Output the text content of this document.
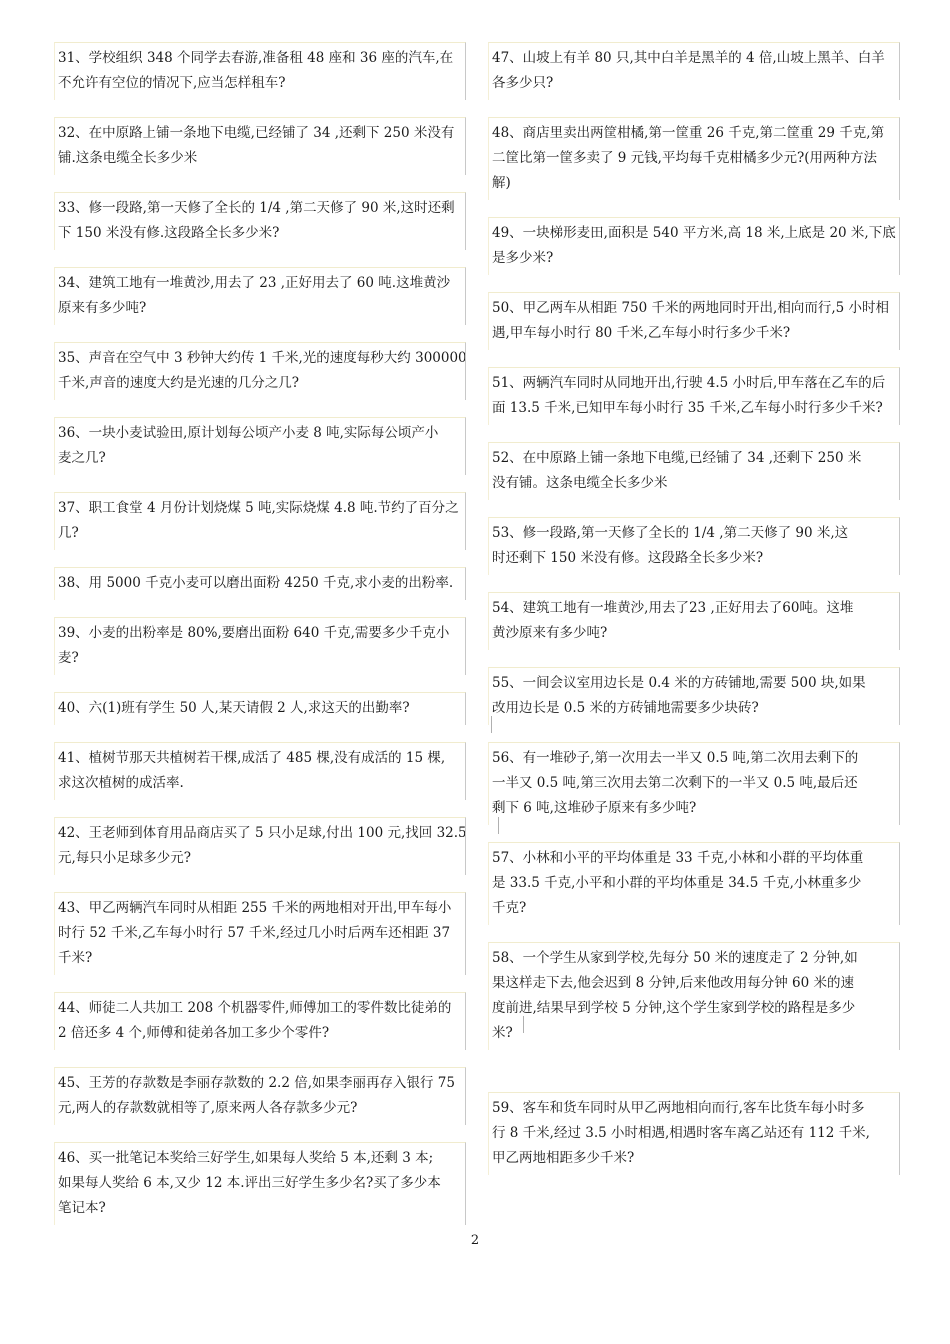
31、学校组织 348 个同学去春游,准备租 48 座和 36 座的汽车,在
不允许有空位的情况下,应当怎样租车?
32、在中原路上铺一条地下电缆,已经铺了 34 ,还剩下 250 米没有
铺.这条电缆全长多少米
33、修一段路,第一天修了全长的 1/4 ,第二天修了 90 米,这时还剩
下 150 米没有修.这段路全长多少米?
34、建筑工地有一堆黄沙,用去了 23 ,正好用去了 60 吨.这堆黄沙
原来有多少吨?
35、声音在空气中 3 秒钟大约传 1 千米,光的速度每秒大约 300000
千米,声音的速度大约是光速的几分之几?
36、一块小麦试验田,原计划每公顷产小麦 8 吨,实际每公顷产小
麦之几?
37、职工食堂 4 月份计划烧煤 5 吨,实际烧煤 4.8 吨.节约了百分之
几?
38、用 5000 千克小麦可以磨出面粉 4250 千克,求小麦的出粉率.
39、小麦的出粉率是 80%,要磨出面粉 640 千克,需要多少千克小
麦?
40、六(1)班有学生 50 人,某天请假 2 人,求这天的出勤率?
41、植树节那天共植树若干棵,成活了 485 棵,没有成活的 15 棵,
求这次植树的成活率.
42、王老师到体育用品商店买了 5 只小足球,付出 100 元,找回 32.5
元,每只小足球多少元?
43、甲乙两辆汽车同时从相距 255 千米的两地相对开出,甲车每小
时行 52 千米,乙车每小时行 57 千米,经过几小时后两车还相距 37
千米?
44、师徒二人共加工 208 个机器零件,师傅加工的零件数比徒弟的
2 倍还多 4 个,师傅和徒弟各加工多少个零件?
45、王芳的存款数是李丽存款数的 2.2 倍,如果李丽再存入银行 75
元,两人的存款数就相等了,原来两人各存款多少元?
46、买一批笔记本奖给三好学生,如果每人奖给 5 本,还剩 3 本;
如果每人奖给 6 本,又少 12 本.评出三好学生多少名?买了多少本
笔记本?
47、山坡上有羊 80 只,其中白羊是黑羊的 4 倍,山坡上黑羊、白羊
各多少只?
48、商店里卖出两筐柑橘,第一筐重 26 千克,第二筐重 29 千克,第
二筐比第一筐多卖了 9 元钱,平均每千克柑橘多少元?(用两种方法
解)
49、一块梯形麦田,面积是 540 平方米,高 18 米,上底是 20 米,下底
是多少米?
50、甲乙两车从相距 750 千米的两地同时开出,相向而行,5 小时相
遇,甲车每小时行 80 千米,乙车每小时行多少千米?
51、两辆汽车同时从同地开出,行驶 4.5 小时后,甲车落在乙车的后
面 13.5 千米,已知甲车每小时行 35 千米,乙车每小时行多少千米?
52、在中原路上铺一条地下电缆,已经铺了 34 ,还剩下 250 米
没有铺。这条电缆全长多少米
53、修一段路,第一天修了全长的 1/4 ,第二天修了 90 米,这
时还剩下 150 米没有修。这段路全长多少米?
54、建筑工地有一堆黄沙,用去了23 ,正好用去了60吨。这堆
黄沙原来有多少吨?
55、一间会议室用边长是 0.4 米的方砖铺地,需要 500 块,如果
改用边长是 0.5 米的方砖铺地需要多少块砖?
56、有一堆砂子,第一次用去一半又 0.5 吨,第二次用去剩下的
一半又 0.5 吨,第三次用去第二次剩下的一半又 0.5 吨,最后还
剩下 6 吨,这堆砂子原来有多少吨?
57、小林和小平的平均体重是 33 千克,小林和小群的平均体重
是 33.5 千克,小平和小群的平均体重是 34.5 千克,小林重多少
千克?
58、一个学生从家到学校,先每分 50 米的速度走了 2 分钟,如
果这样走下去,他会迟到 8 分钟,后来他改用每分钟 60 米的速
度前进,结果早到学校 5 分钟,这个学生家到学校的路程是多少
米?
59、客车和货车同时从甲乙两地相向而行,客车比货车每小时多
行 8 千米,经过 3.5 小时相遇,相遇时客车离乙站还有 112 千米,
甲乙两地相距多少千米?
2
